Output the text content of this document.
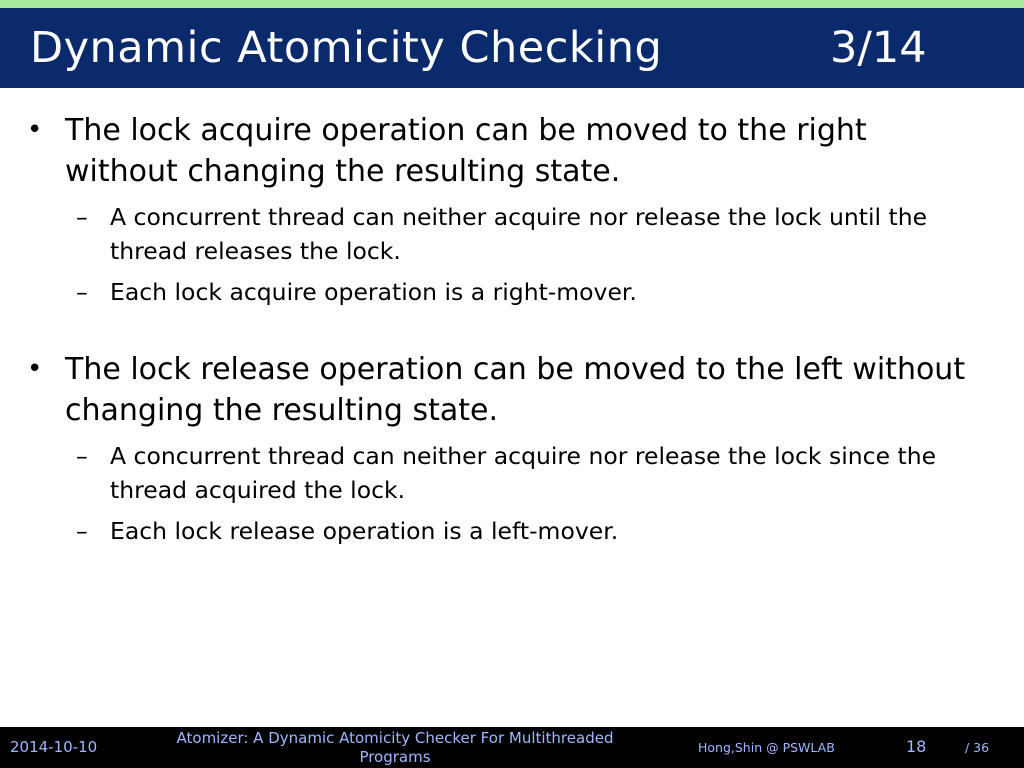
Dynamic Atomicity Checking	3/14
• The lock acquire operation can be moved to the right without changing the resulting state.
– A concurrent thread can neither acquire nor release the lock until the thread releases the lock.
– Each lock acquire operation is a right-mover.
• The lock release operation can be moved to the left without changing the resulting state.
– A concurrent thread can neither acquire nor release the lock since the thread acquired the lock.
– Each lock release operation is a left-mover.
2014-10-10	Atomizer: A Dynamic Atomicity Checker For Multithreaded Programs
Hong,Shin @ PSWLAB	18	/ 36
